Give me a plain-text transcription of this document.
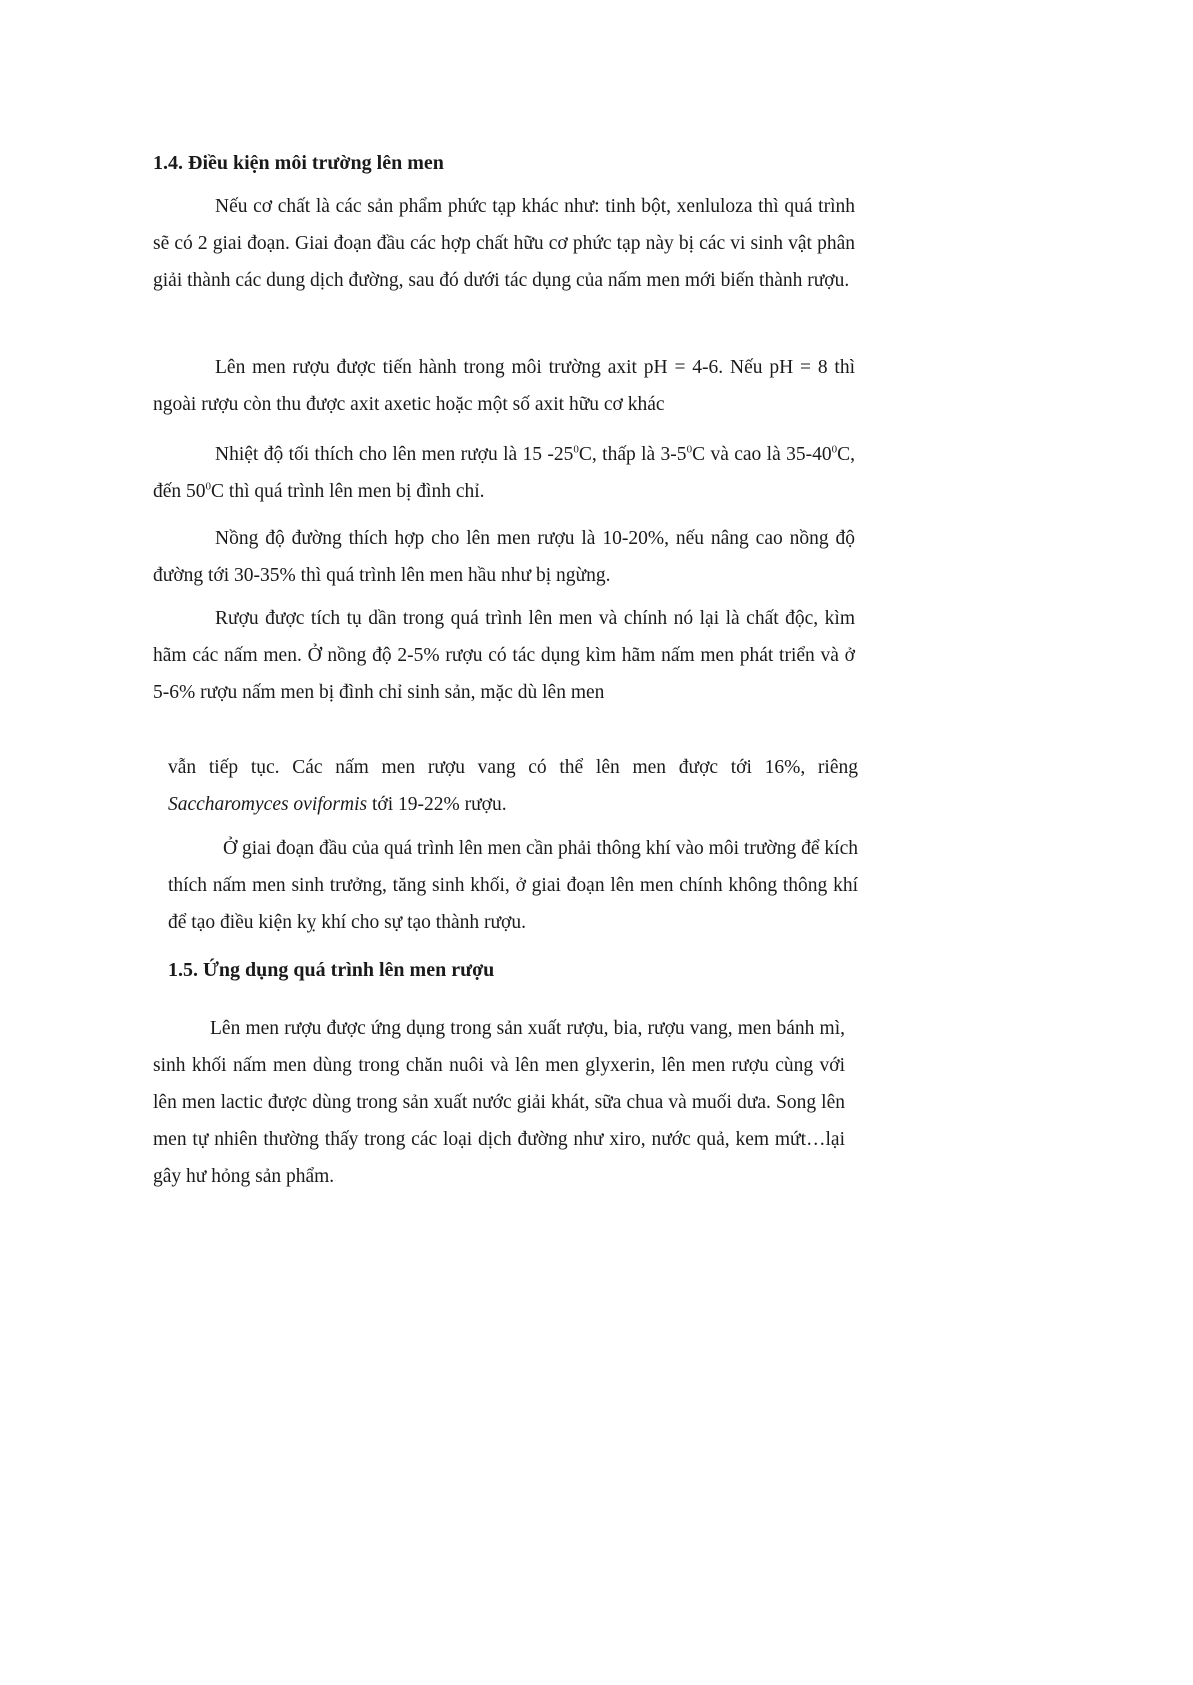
1.4. Điều kiện môi trường lên men

Nếu cơ chất là các sản phẩm phức tạp khác như: tinh bột, xenluloza thì quá trình sẽ có 2 giai đoạn. Giai đoạn đầu các hợp chất hữu cơ phức tạp này bị các vi sinh vật phân giải thành các dung dịch đường, sau đó dưới tác dụng của nấm men mới biến thành rượu.

Lên men rượu được tiến hành trong môi trường axit pH = 4-6. Nếu pH = 8 thì ngoài rượu còn thu được axit axetic hoặc một số axit hữu cơ khác

Nhiệt độ tối thích cho lên men rượu là 15 $-25^0C$, thấp là $3-5^0C$ và cao là $35-40^0C$, đến $50^0C$ thì quá trình lên men bị đình chỉ.

Nồng độ đường thích hợp cho lên men rượu là 10-20%, nếu nâng cao nồng độ đường tới 30-35% thì quá trình lên men hầu như bị ngừng.

Rượu được tích tụ dần trong quá trình lên men và chính nó lại là chất độc, kìm hãm các nấm men. Ở nồng độ 2-5% rượu có tác dụng kìm hãm nấm men phát triển và ở 5-6% rượu nấm men bị đình chỉ sinh sản, mặc dù lên men

vẫn tiếp tục. Các nấm men rượu vang có thể lên men được tới 16%, riêng Saccharomyces oviformis tới 19-22% rượu.

Ở giai đoạn đầu của quá trình lên men cần phải thông khí vào môi trường để kích thích nấm men sinh trưởng, tăng sinh khối, ở giai đoạn lên men chính không thông khí để tạo điều kiện kỵ khí cho sự tạo thành rượu.

1.5. Ứng dụng quá trình lên men rượu

Lên men rượu được ứng dụng trong sản xuất rượu, bia, rượu vang, men bánh mì, sinh khối nấm men dùng trong chăn nuôi và lên men glyxerin, lên men rượu cùng với lên men lactic được dùng trong sản xuất nước giải khát, sữa chua và muối dưa. Song lên men tự nhiên thường thấy trong các loại dịch đường như xiro, nước quả, kem mứt…lại gây hư hỏng sản phẩm.
